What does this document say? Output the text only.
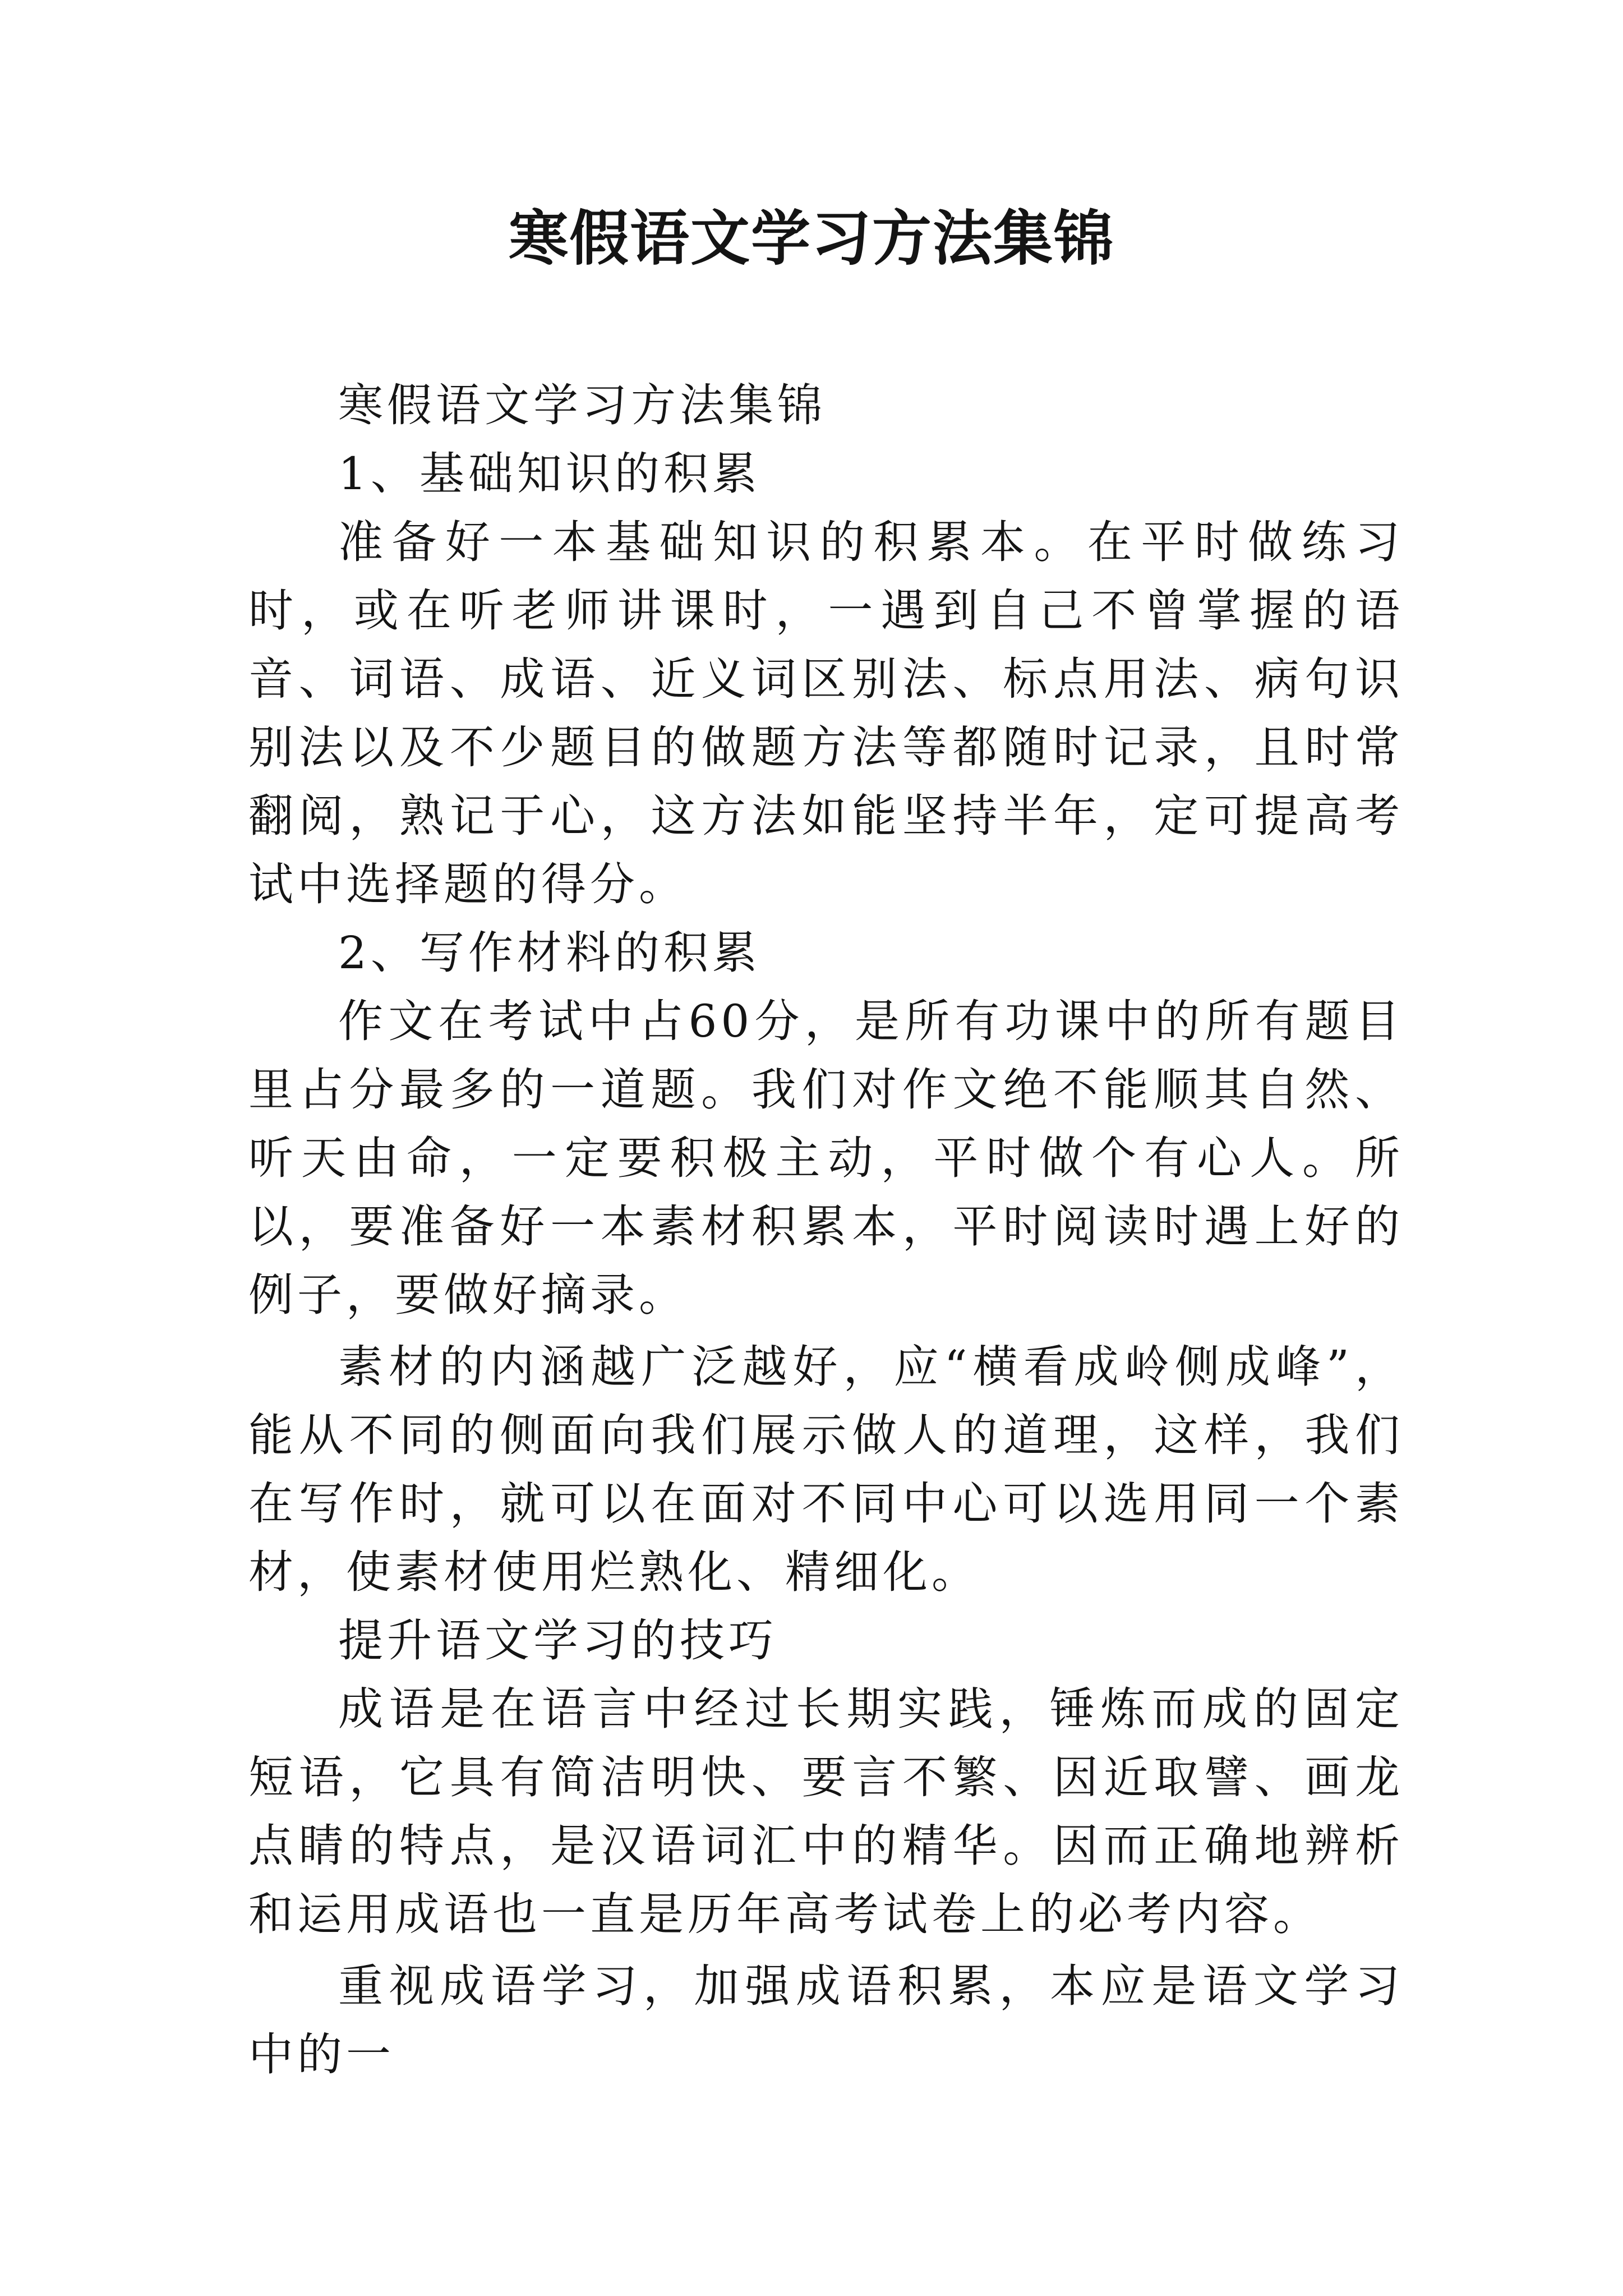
寒假语文学习方法集锦

寒假语文学习方法集锦

1、基础知识的积累

准备好一本基础知识的积累本。在平时做练习时，或在听老师讲课时，一遇到自己不曾掌握的语音、词语、成语、近义词区别法、标点用法、病句识别法以及不少题目的做题方法等都随时记录，且时常翻阅，熟记于心，这方法如能坚持半年，定可提高考试中选择题的得分。

2、写作材料的积累

作文在考试中占60分，是所有功课中的所有题目里占分最多的一道题。我们对作文绝不能顺其自然、听天由命，一定要积极主动，平时做个有心人。所以，要准备好一本素材积累本，平时阅读时遇上好的例子，要做好摘录。

素材的内涵越广泛越好，应“横看成岭侧成峰”，能从不同的侧面向我们展示做人的道理，这样，我们在写作时，就可以在面对不同中心可以选用同一个素材，使素材使用烂熟化、精细化。

提升语文学习的技巧

成语是在语言中经过长期实践，锤炼而成的固定短语，它具有简洁明快、要言不繁、因近取譬、画龙点睛的特点，是汉语词汇中的精华。因而正确地辨析和运用成语也一直是历年高考试卷上的必考内容。

重视成语学习，加强成语积累，本应是语文学习中的一
